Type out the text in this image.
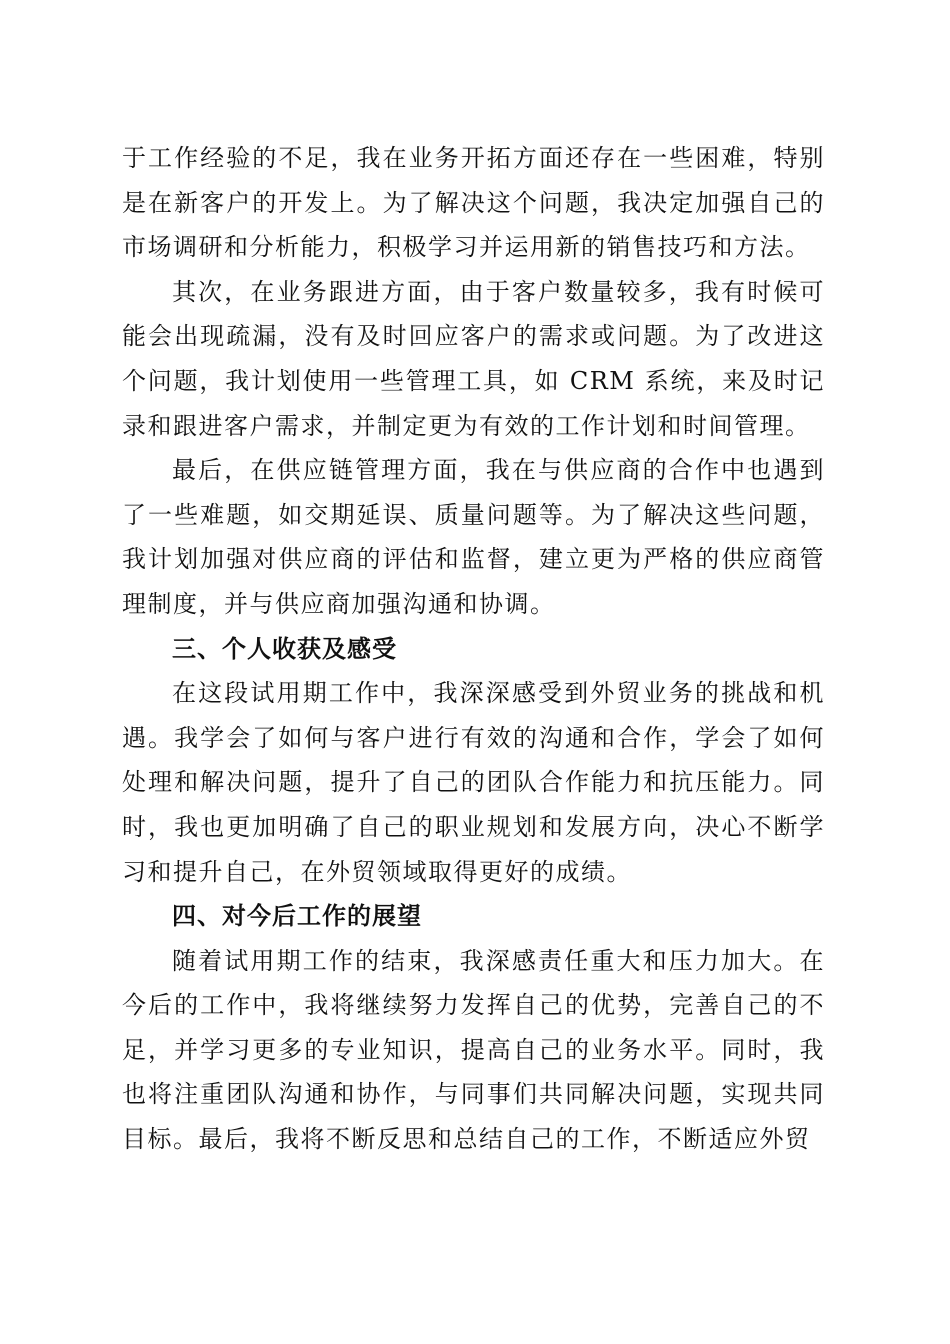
于工作经验的不足，我在业务开拓方面还存在一些困难，特别是在新客户的开发上。为了解决这个问题，我决定加强自己的市场调研和分析能力，积极学习并运用新的销售技巧和方法。

其次，在业务跟进方面，由于客户数量较多，我有时候可能会出现疏漏，没有及时回应客户的需求或问题。为了改进这个问题，我计划使用一些管理工具，如 CRM 系统，来及时记录和跟进客户需求，并制定更为有效的工作计划和时间管理。

最后，在供应链管理方面，我在与供应商的合作中也遇到了一些难题，如交期延误、质量问题等。为了解决这些问题，我计划加强对供应商的评估和监督，建立更为严格的供应商管理制度，并与供应商加强沟通和协调。

三、个人收获及感受

在这段试用期工作中，我深深感受到外贸业务的挑战和机遇。我学会了如何与客户进行有效的沟通和合作，学会了如何处理和解决问题，提升了自己的团队合作能力和抗压能力。同时，我也更加明确了自己的职业规划和发展方向，决心不断学习和提升自己，在外贸领域取得更好的成绩。

四、对今后工作的展望

随着试用期工作的结束，我深感责任重大和压力加大。在今后的工作中，我将继续努力发挥自己的优势，完善自己的不足，并学习更多的专业知识，提高自己的业务水平。同时，我也将注重团队沟通和协作，与同事们共同解决问题，实现共同目标。最后，我将不断反思和总结自己的工作，不断适应外贸
